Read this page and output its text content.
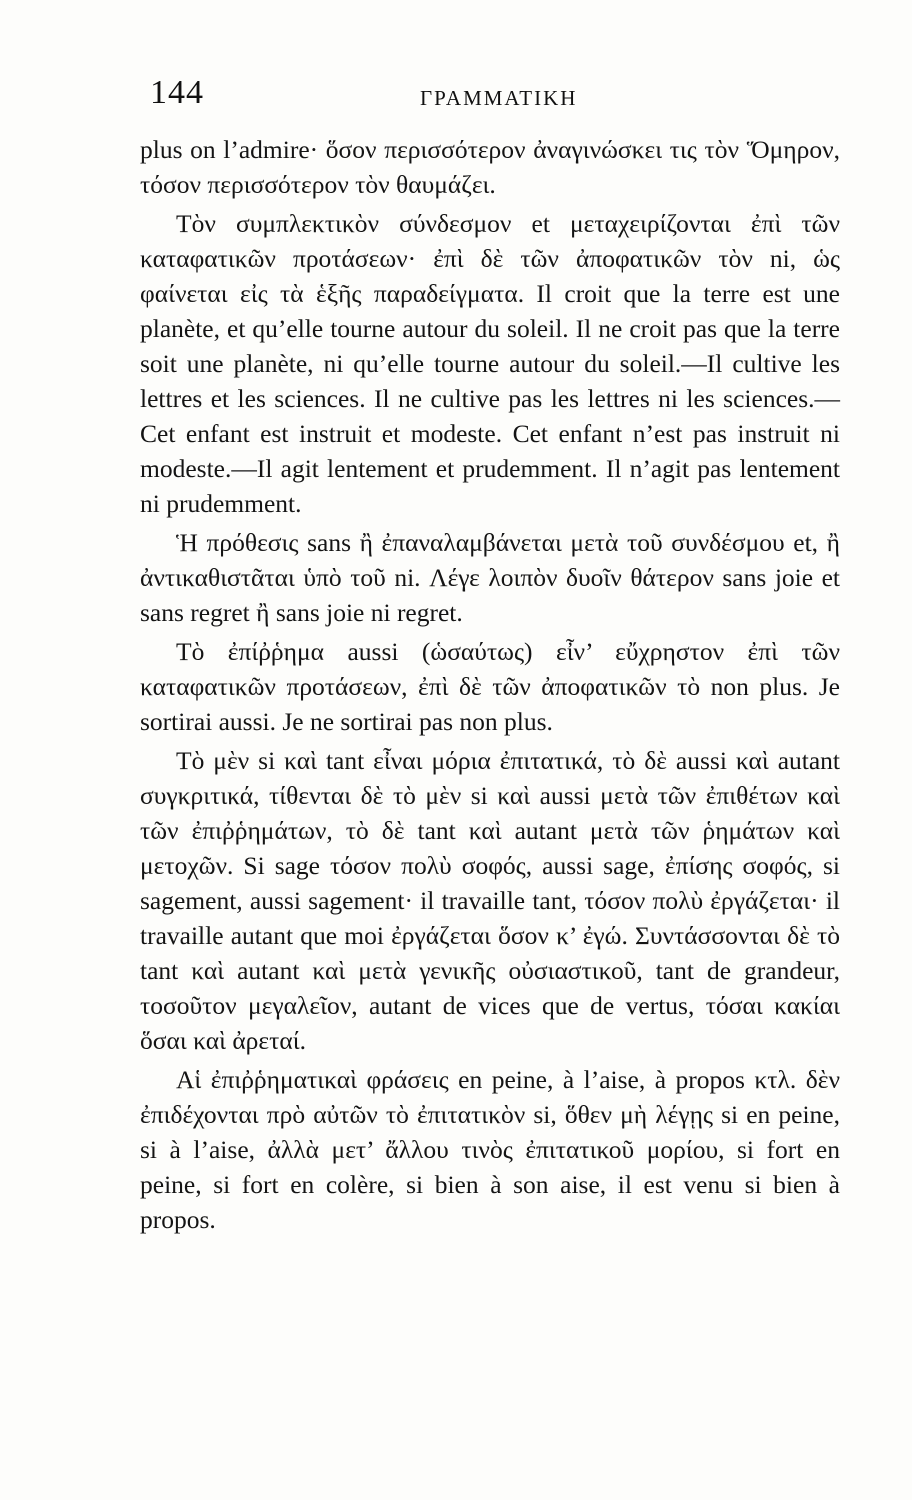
144	ΓΡΑΜΜΑΤΙΚΗ

plus on l’admire· ὅσον περισσότερον ἀναγινώσκει τις τὸν Ὅμηρον, τόσον περισσότερον τὸν θαυμάζει.

Τὸν συμπλεκτικὸν σύνδεσμον et μεταχειρίζονται ἐπὶ τῶν καταφατικῶν προτάσεων· ἐπὶ δὲ τῶν ἀποφατικῶν τὸν ni, ὡς φαίνεται εἰς τὰ ἑξῆς παραδείγματα. Il croit que la terre est une planète, et qu’elle tourne autour du soleil. Il ne croit pas que la terre soit une planète, ni qu’elle tourne autour du soleil.—Il cultive les lettres et les sciences. Il ne cultive pas les lettres ni les sciences.—Cet enfant est instruit et modeste. Cet enfant n’est pas instruit ni modeste.—Il agit lentement et prudemment. Il n’agit pas lentement ni prudemment.

Ἡ πρόθεσις sans ἢ ἐπαναλαμβάνεται μετὰ τοῦ συνδέσμου et, ἢ ἀντικαθιστᾶται ὑπὸ τοῦ ni. Λέγε λοιπὸν δυοῖν θάτερον sans joie et sans regret ἢ sans joie ni regret.

Τὸ ἐπίῤῥημα aussi (ὡσαύτως) εἶν’ εὔχρηστον ἐπὶ τῶν καταφατικῶν προτάσεων, ἐπὶ δὲ τῶν ἀποφατικῶν τὸ non plus. Je sortirai aussi. Je ne sortirai pas non plus.

Τὸ μὲν si καὶ tant εἶναι μόρια ἐπιτατικά, τὸ δὲ aussi καὶ autant συγκριτικά, τίθενται δὲ τὸ μὲν si καὶ aussi μετὰ τῶν ἐπιθέτων καὶ τῶν ἐπιῤῥημάτων, τὸ δὲ tant καὶ autant μετὰ τῶν ῥημάτων καὶ μετοχῶν. Si sage τόσον πολὺ σοφός, aussi sage, ἐπίσης σοφός, si sagement, aussi sagement· il travaille tant, τόσον πολὺ ἐργάζεται· il travaille autant que moi ἐργάζεται ὅσον κ’ ἐγώ. Συντάσσονται δὲ τὸ tant καὶ autant καὶ μετὰ γενικῆς οὐσιαστικοῦ, tant de grandeur, τοσοῦτον μεγαλεῖον, autant de vices que de vertus, τόσαι κακίαι ὅσαι καὶ ἀρεταί.

Αἱ ἐπιῤῥηματικαὶ φράσεις en peine, à l’aise, à propos κτλ. δὲν ἐπιδέχονται πρὸ αὐτῶν τὸ ἐπιτατικὸν si, ὅθεν μὴ λέγῃς si en peine, si à l’aise, ἀλλὰ μετ’ ἄλλου τινὸς ἐπιτατικοῦ μορίου, si fort en peine, si fort en colère, si bien à son aise, il est venu si bien à propos.
